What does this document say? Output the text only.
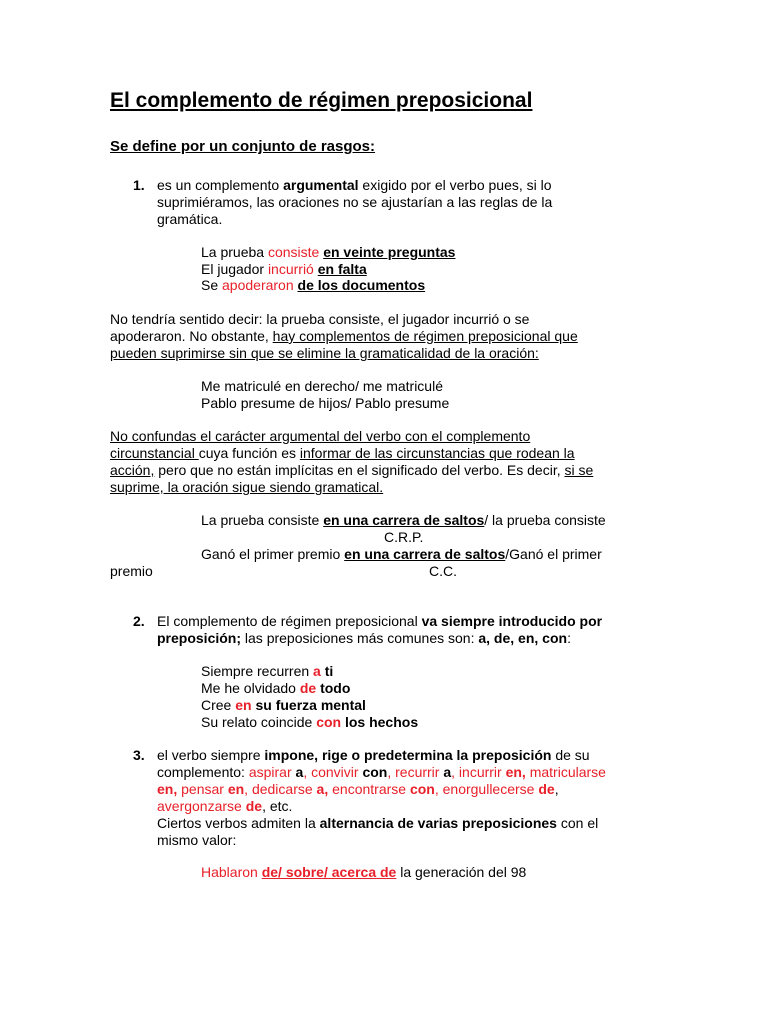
El complemento de régimen preposicional
Se define por un conjunto de rasgos:
1. es un complemento argumental exigido por el verbo pues, si lo
suprimiéramos, las oraciones no se ajustarían a las reglas de la
gramática.
La prueba consiste en veinte preguntas
El jugador incurrió en falta
Se apoderaron de los documentos
No tendría sentido decir: la prueba consiste, el jugador incurrió o se
apoderaron. No obstante, hay complementos de régimen preposicional que
pueden suprimirse sin que se elimine la gramaticalidad de la oración:
Me matriculé en derecho/ me matriculé
Pablo presume de hijos/ Pablo presume
No confundas el carácter argumental del verbo con el complemento
circunstancial cuya función es informar de las circunstancias que rodean la
acción, pero que no están implícitas en el significado del verbo. Es decir, si se
suprime, la oración sigue siendo gramatical.
La prueba consiste en una carrera de saltos/ la prueba consiste
C.R.P.
Ganó el primer premio en una carrera de saltos/Ganó el primer
premio	C.C.
2. El complemento de régimen preposicional va siempre introducido por
preposición; las preposiciones más comunes son: a, de, en, con:
Siempre recurren a ti
Me he olvidado de todo
Cree en su fuerza mental
Su relato coincide con los hechos
3. el verbo siempre impone, rige o predetermina la preposición de su
complemento: aspirar a, convivir con, recurrir a, incurrir en, matricularse
en, pensar en, dedicarse a, encontrarse con, enorgullecerse de,
avergonzarse de, etc.
Ciertos verbos admiten la alternancia de varias preposiciones con el
mismo valor:
Hablaron de/ sobre/ acerca de la generación del 98
